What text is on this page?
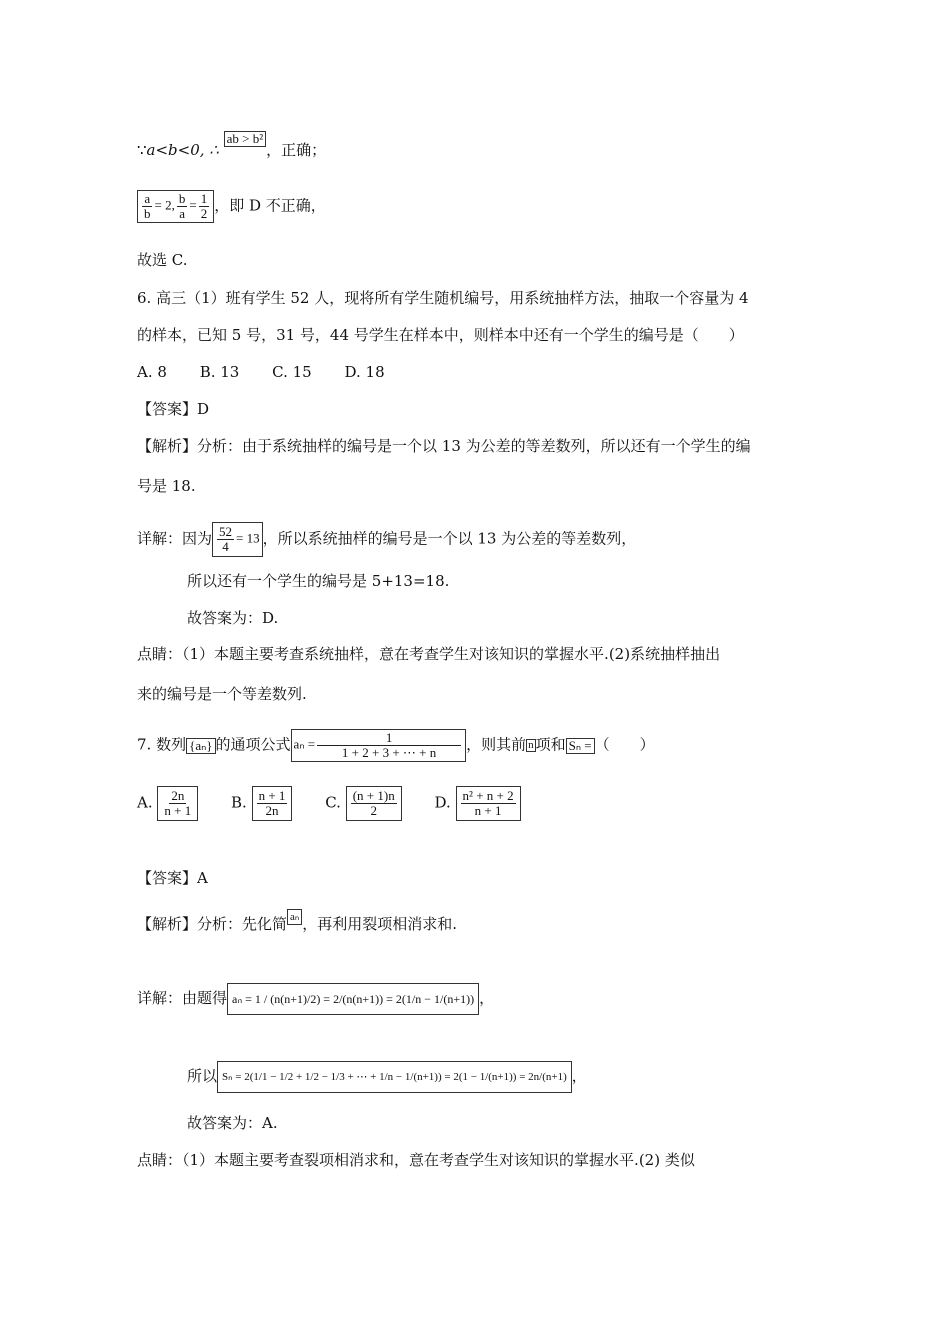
∵a<b<0, ∴ ab > b²，正确；
$\frac{a}{b} = 2$, $\frac{b}{a} = \frac{1}{2}$ ，即 D 不正确，
故选 C.
6. 高三（1）班有学生 52 人，现将所有学生随机编号，用系统抽样方法，抽取一个容量为 4
的样本，已知 5 号，31 号，44 号学生在样本中，则样本中还有一个学生的编号是（　　）
A. 8 B. 13 C. 15 D. 18
【答案】D
【解析】分析：由于系统抽样的编号是一个以 13 为公差的等差数列，所以还有一个学生的编
号是 18.
详解：因为 $\frac{52}{4} = 13$ ，所以系统抽样的编号是一个以 13 为公差的等差数列，
所以还有一个学生的编号是 5+13=18.
故答案为：D.
点睛：（1）本题主要考查系统抽样，意在考查学生对该知识的掌握水平.(2)系统抽样抽出
来的编号是一个等差数列.
7. 数列 {aₙ} 的通项公式 $a_n = \frac{1}{1 + 2 + 3 + \cdots + n}$ ，则其前 n 项和 Sₙ = （　　）
A. $\frac{2n}{n + 1}$	B. $\frac{n + 1}{2n}$	C. $\frac{(n + 1)n}{2}$	D. $\frac{\text{n² + n + 2}}{n + 1}$
【答案】A
【解析】分析：先化简 aₙ ，再利用裂项相消求和.
详解：由题得 aₙ = 1 / (n(n+1)/2) = 2/(n(n+1)) = 2(1/n − 1/(n+1)) ，
所以 Sₙ = 2(1/1 − 1/2 + 1/2 − 1/3 + ⋯ + 1/n − 1/(n+1)) = 2(1 − 1/(n+1)) = 2n/(n+1) ，
故答案为：A.
点睛：（1）本题主要考查裂项相消求和，意在考查学生对该知识的掌握水平.(2) 类似
